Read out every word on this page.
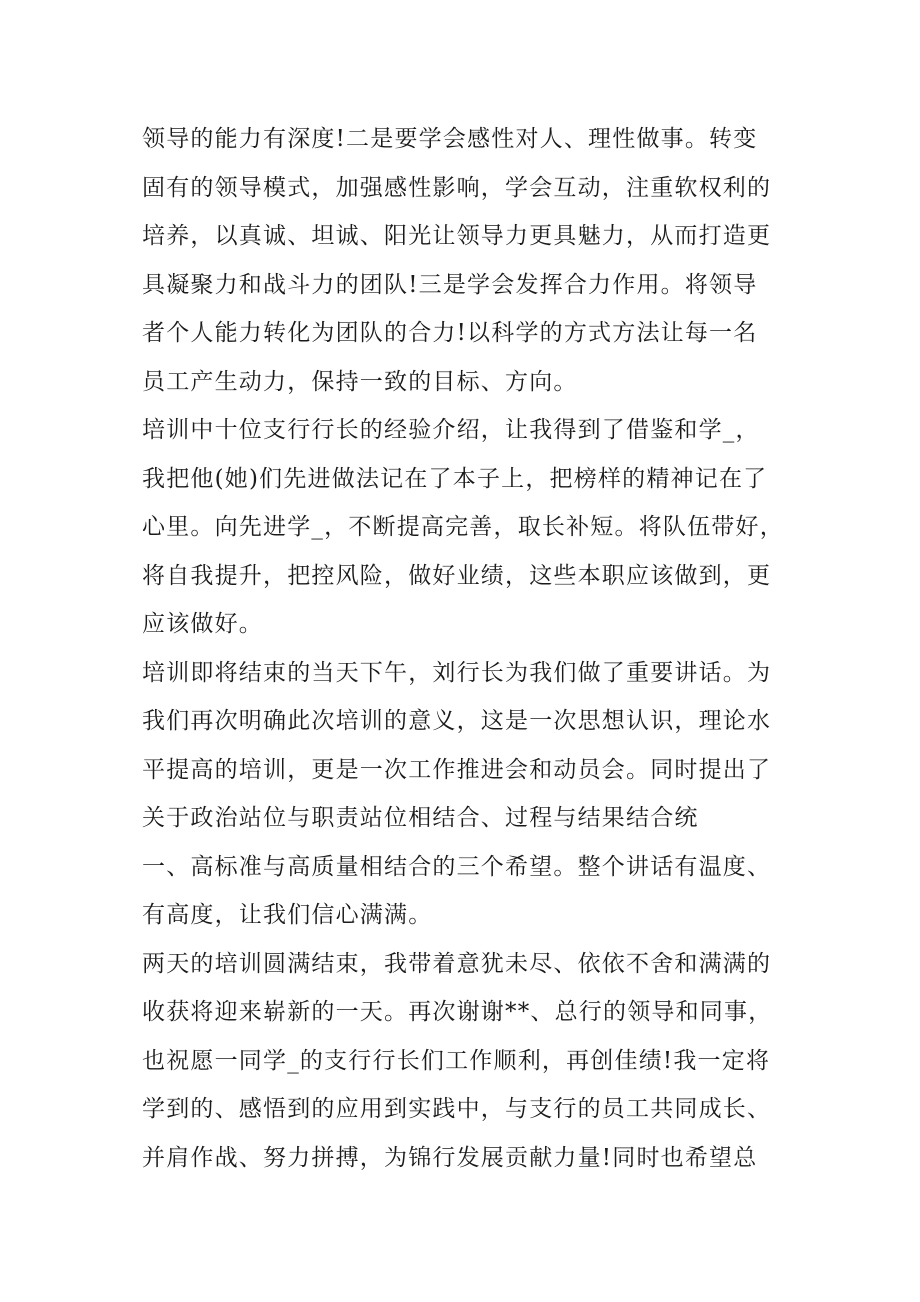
领导的能力有深度!二是要学会感性对人、理性做事。转变
固有的领导模式，加强感性影响，学会互动，注重软权利的
培养，以真诚、坦诚、阳光让领导力更具魅力，从而打造更
具凝聚力和战斗力的团队!三是学会发挥合力作用。将领导
者个人能力转化为团队的合力!以科学的方式方法让每一名
员工产生动力，保持一致的目标、方向。
培训中十位支行行长的经验介绍，让我得到了借鉴和学_，
我把他(她)们先进做法记在了本子上，把榜样的精神记在了
心里。向先进学_，不断提高完善，取长补短。将队伍带好，
将自我提升，把控风险，做好业绩，这些本职应该做到，更
应该做好。
培训即将结束的当天下午，刘行长为我们做了重要讲话。为
我们再次明确此次培训的意义，这是一次思想认识，理论水
平提高的培训，更是一次工作推进会和动员会。同时提出了
关于政治站位与职责站位相结合、过程与结果结合统
一、高标准与高质量相结合的三个希望。整个讲话有温度、
有高度，让我们信心满满。
两天的培训圆满结束，我带着意犹未尽、依依不舍和满满的
收获将迎来崭新的一天。再次谢谢**、总行的领导和同事，
也祝愿一同学_的支行行长们工作顺利，再创佳绩!我一定将
学到的、感悟到的应用到实践中，与支行的员工共同成长、
并肩作战、努力拼搏，为锦行发展贡献力量!同时也希望总
